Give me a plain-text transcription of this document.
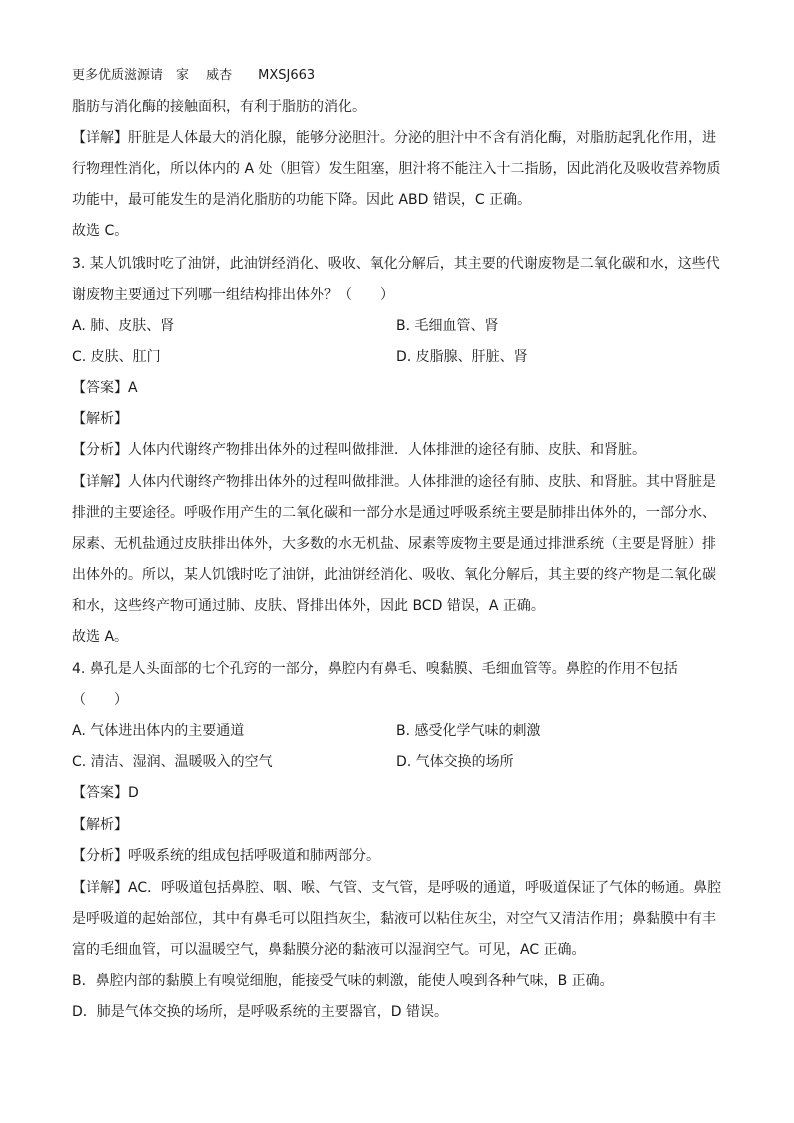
更多优质滋源请　家　 威杏　　MXSJ663
脂肪与消化酶的接触面积，有利于脂肪的消化。
【详解】肝脏是人体最大的消化腺，能够分泌胆汁。分泌的胆汁中不含有消化酶，对脂肪起乳化作用，进
行物理性消化，所以体内的 A 处（胆管）发生阻塞，胆汁将不能注入十二指肠，因此消化及吸收营养物质
功能中，最可能发生的是消化脂肪的功能下降。因此 ABD 错误，C 正确。
故选 C。
3. 某人饥饿时吃了油饼，此油饼经消化、吸收、氧化分解后，其主要的代谢废物是二氧化碳和水，这些代
谢废物主要通过下列哪一组结构排出体外？（　　）
A. 肺、皮肤、肾	B. 毛细血管、肾
C. 皮肤、肛门	D. 皮脂腺、肝脏、肾
【答案】A
【解析】
【分析】人体内代谢终产物排出体外的过程叫做排泄．人体排泄的途径有肺、皮肤、和肾脏。
【详解】人体内代谢终产物排出体外的过程叫做排泄。人体排泄的途径有肺、皮肤、和肾脏。其中肾脏是
排泄的主要途径。呼吸作用产生的二氧化碳和一部分水是通过呼吸系统主要是肺排出体外的，一部分水、
尿素、无机盐通过皮肤排出体外，大多数的水无机盐、尿素等废物主要是通过排泄系统（主要是肾脏）排
出体外的。所以，某人饥饿时吃了油饼，此油饼经消化、吸收、氧化分解后，其主要的终产物是二氧化碳
和水，这些终产物可通过肺、皮肤、肾排出体外，因此 BCD 错误，A 正确。
故选 A。
4. 鼻孔是人头面部的七个孔窍的一部分，鼻腔内有鼻毛、嗅黏膜、毛细血管等。鼻腔的作用不包括
（　　）
A. 气体进出体内的主要通道	B. 感受化学气味的刺激
C. 清洁、湿润、温暖吸入的空气	D. 气体交换的场所
【答案】D
【解析】
【分析】呼吸系统的组成包括呼吸道和肺两部分。
【详解】AC．呼吸道包括鼻腔、咽、喉、气管、支气管，是呼吸的通道，呼吸道保证了气体的畅通。鼻腔
是呼吸道的起始部位，其中有鼻毛可以阻挡灰尘，黏液可以粘住灰尘，对空气又清洁作用；鼻黏膜中有丰
富的毛细血管，可以温暖空气，鼻黏膜分泌的黏液可以湿润空气。可见，AC 正确。
B．鼻腔内部的黏膜上有嗅觉细胞，能接受气味的刺激，能使人嗅到各种气味，B 正确。
D．肺是气体交换的场所，是呼吸系统的主要器官，D 错误。
